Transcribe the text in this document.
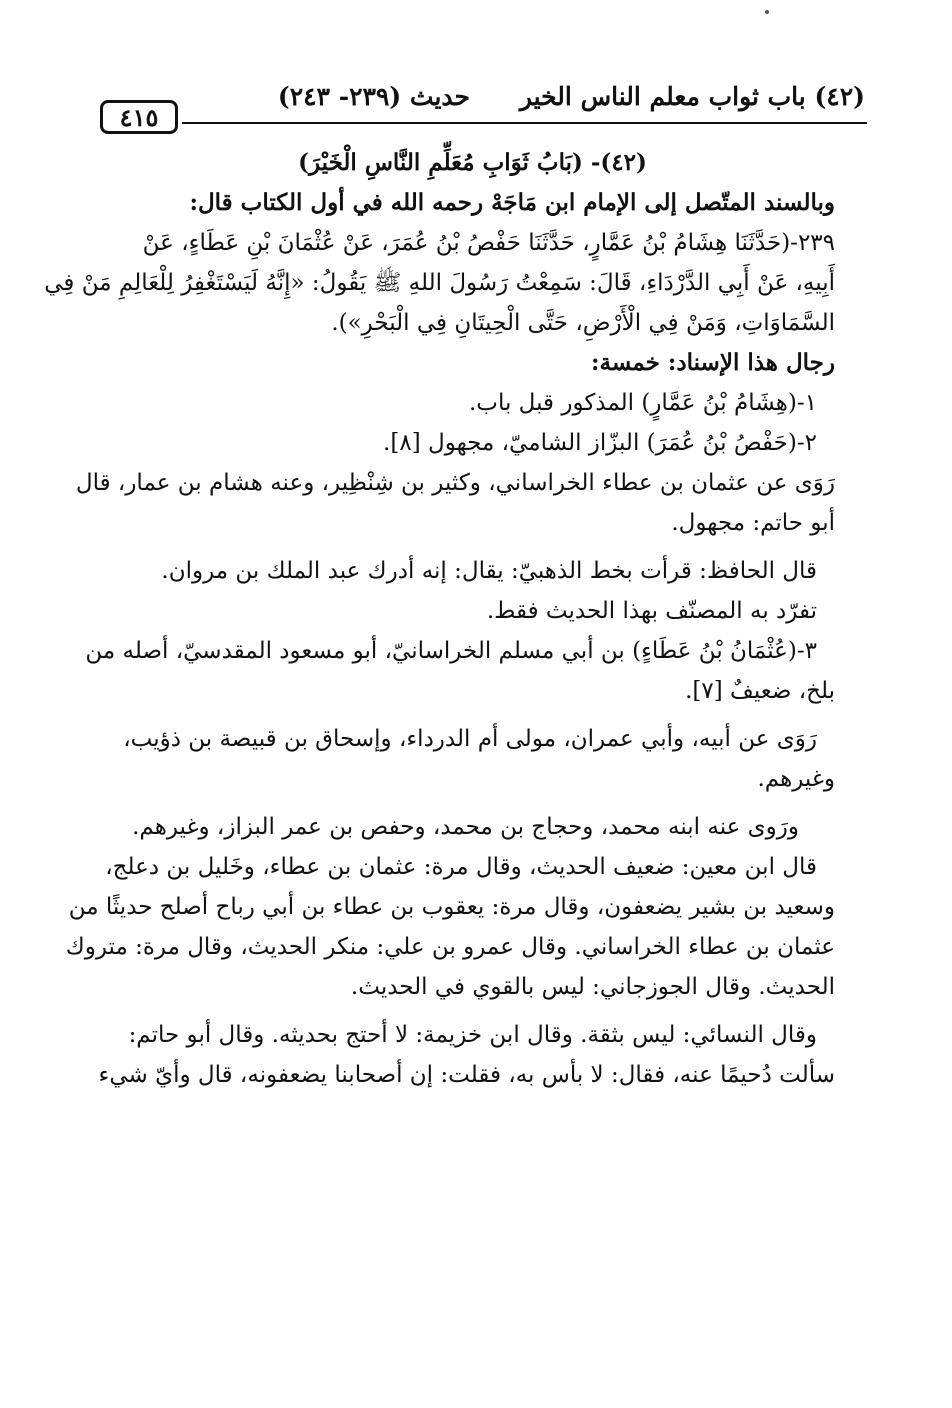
(٤٢) باب ثواب معلم الناس الخير
حديث (٢٣٩- ٢٤٣)
٤١٥
(٤٢)- (بَابُ ثَوَابِ مُعَلِّمِ النَّاسِ الْخَيْرَ)
وبالسند المتّصل إلى الإمام ابن مَاجَهْ رحمه الله في أول الكتاب قال:
٢٣٩-(حَدَّثَنَا هِشَامُ بْنُ عَمَّارٍ، حَدَّثَنَا حَفْصُ بْنُ عُمَرَ، عَنْ عُثْمَانَ بْنِ عَطَاءٍ، عَنْ
أَبِيهِ، عَنْ أَبِي الدَّرْدَاءِ، قَالَ: سَمِعْتُ رَسُولَ اللهِ ﷺ يَقُولُ: «إِنَّهُ لَيَسْتَغْفِرُ لِلْعَالِمِ مَنْ فِي
السَّمَاوَاتِ، وَمَنْ فِي الْأَرْضِ، حَتَّى الْحِيتَانِ فِي الْبَحْرِ»).
رجال هذا الإسناد: خمسة:
١-(هِشَامُ بْنُ عَمَّارٍ) المذكور قبل باب.
٢-(حَفْصُ بْنُ عُمَرَ) البزّاز الشاميّ، مجهول [٨].
رَوَى عن عثمان بن عطاء الخراساني، وكثير بن شِنْظِير، وعنه هشام بن عمار، قال
أبو حاتم: مجهول.
قال الحافظ: قرأت بخط الذهبيّ: يقال: إنه أدرك عبد الملك بن مروان.
تفرّد به المصنّف بهذا الحديث فقط.
٣-(عُثْمَانُ بْنُ عَطَاءٍ) بن أبي مسلم الخراسانيّ، أبو مسعود المقدسيّ، أصله من
بلخ، ضعيفٌ [٧].
رَوَى عن أبيه، وأبي عمران، مولى أم الدرداء، وإسحاق بن قبيصة بن ذؤيب،
وغيرهم.
ورَوى عنه ابنه محمد، وحجاج بن محمد، وحفص بن عمر البزاز، وغيرهم.
قال ابن معين: ضعيف الحديث، وقال مرة: عثمان بن عطاء، وخَليل بن دعلج،
وسعيد بن بشير يضعفون، وقال مرة: يعقوب بن عطاء بن أبي رباح أصلح حديثًا من
عثمان بن عطاء الخراساني. وقال عمرو بن علي: منكر الحديث، وقال مرة: متروك
الحديث. وقال الجوزجاني: ليس بالقوي في الحديث.
وقال النسائي: ليس بثقة. وقال ابن خزيمة: لا أحتج بحديثه. وقال أبو حاتم:
سألت دُحيمًا عنه، فقال: لا بأس به، فقلت: إن أصحابنا يضعفونه، قال وأيّ شيء
